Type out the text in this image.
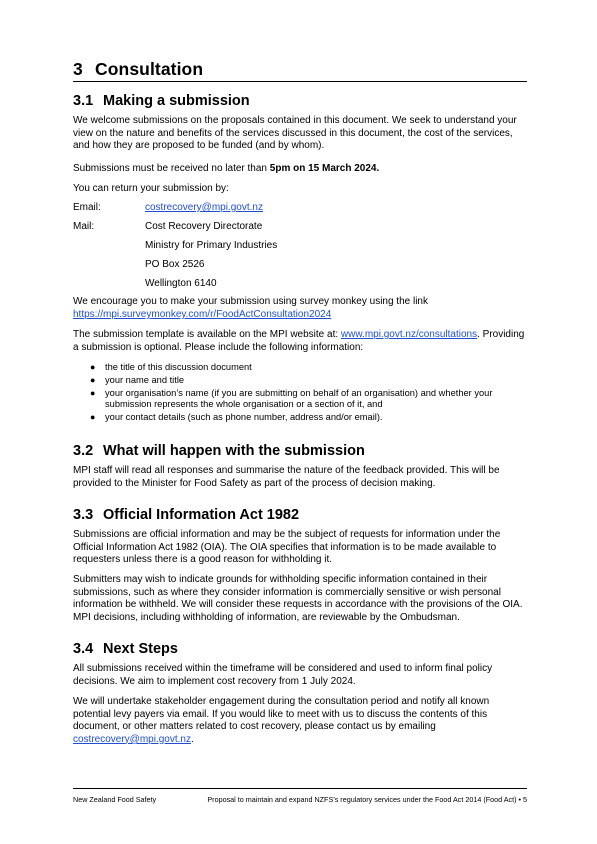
3 Consultation
3.1 Making a submission

We welcome submissions on the proposals contained in this document. We seek to understand your view on the nature and benefits of the services discussed in this document, the cost of the services, and how they are proposed to be funded (and by whom).

Submissions must be received no later than 5pm on 15 March 2024.

You can return your submission by:

Email:	costrecovery@mpi.govt.nz
Mail:	Cost Recovery Directorate
Ministry for Primary Industries
PO Box 2526
Wellington 6140

We encourage you to make your submission using survey monkey using the link

https://mpi.surveymonkey.com/r/FoodActConsultation2024

The submission template is available on the MPI website at: www.mpi.govt.nz/consultations. Providing a submission is optional. Please include the following information:

● the title of this discussion document
● your name and title
● your organisation’s name (if you are submitting on behalf of an organisation) and whether your submission represents the whole organisation or a section of it, and
● your contact details (such as phone number, address and/or email).
3.2 What will happen with the submission

MPI staff will read all responses and summarise the nature of the feedback provided. This will be provided to the Minister for Food Safety as part of the process of decision making.

3.3 Official Information Act 1982

Submissions are official information and may be the subject of requests for information under the Official Information Act 1982 (OIA). The OIA specifies that information is to be made available to requesters unless there is a good reason for withholding it.

Submitters may wish to indicate grounds for withholding specific information contained in their submissions, such as where they consider information is commercially sensitive or wish personal information be withheld. We will consider these requests in accordance with the provisions of the OIA. MPI decisions, including withholding of information, are reviewable by the Ombudsman.

3.4 Next Steps

All submissions received within the timeframe will be considered and used to inform final policy decisions. We aim to implement cost recovery from 1 July 2024.

We will undertake stakeholder engagement during the consultation period and notify all known potential levy payers via email. If you would like to meet with us to discuss the contents of this document, or other matters related to cost recovery, please contact us by emailing costrecovery@mpi.govt.nz.

New Zealand Food Safety	Proposal to maintain and expand NZFS’s regulatory services under the Food Act 2014 (Food Act) • 5
